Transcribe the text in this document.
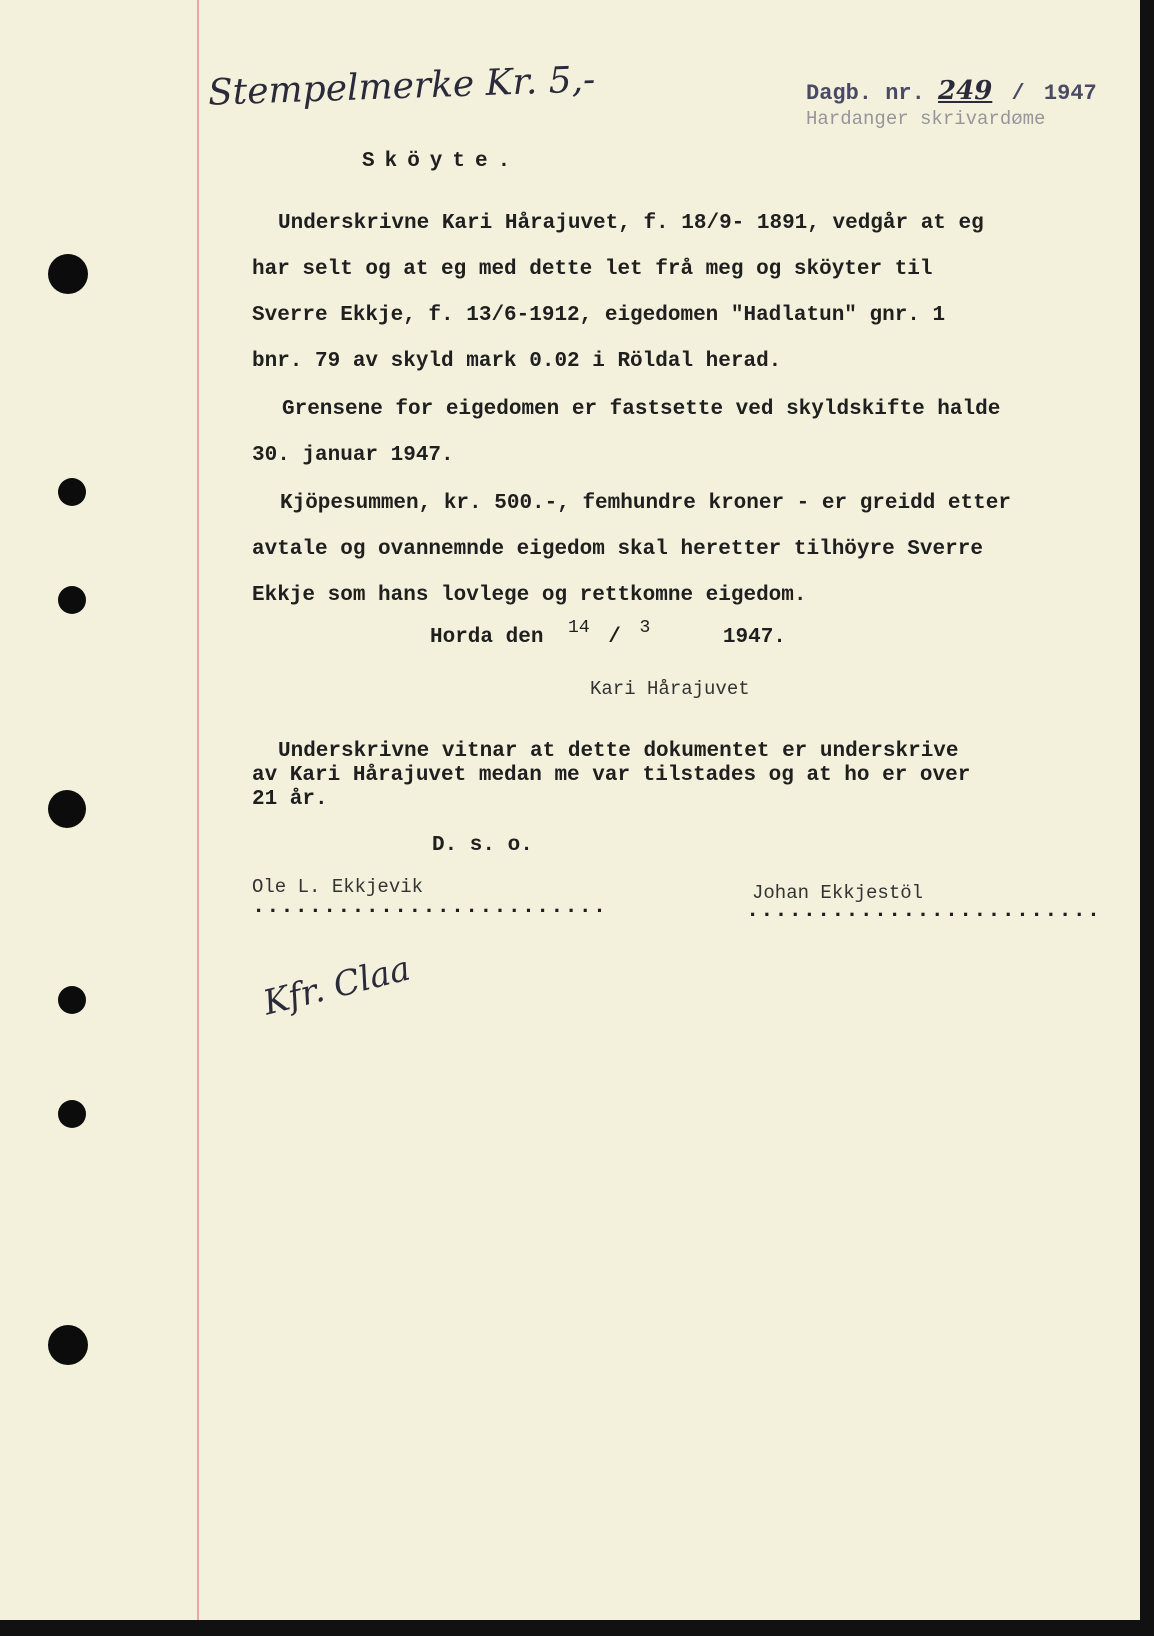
Stempelmerke Kr. 5,-	Dagb. nr. 249 / 1947
Hardanger skrivardøme
Sköyte.
Underskrivne Kari Hårajuvet, f. 18/9- 1891, vedgår at eg
har selt og at eg med dette let frå meg og sköyter til
Sverre Ekkje, f. 13/6-1912, eigedomen "Hadlatun" gnr. 1
bnr. 79 av skyld mark 0.02 i Röldal herad.
Grensene for eigedomen er fastsette ved skyldskifte halde
30. januar 1947.
Kjöpesummen, kr. 500.-, femhundre kroner - er greidd etter
avtale og ovannemnde eigedom skal heretter tilhöyre Sverre
Ekkje som hans lovlege og rettkomne eigedom.
Horda den 14 / 3	1947.
Kari Hårajuvet
Underskrivne vitnar at dette dokumentet er underskrive
av Kari Hårajuvet medan me var tilstades og at ho er over
21 år.
D. s. o.
Ole L. Ekkjevik
.........................
Johan Ekkjestöl
.........................
Kfr. Claa
